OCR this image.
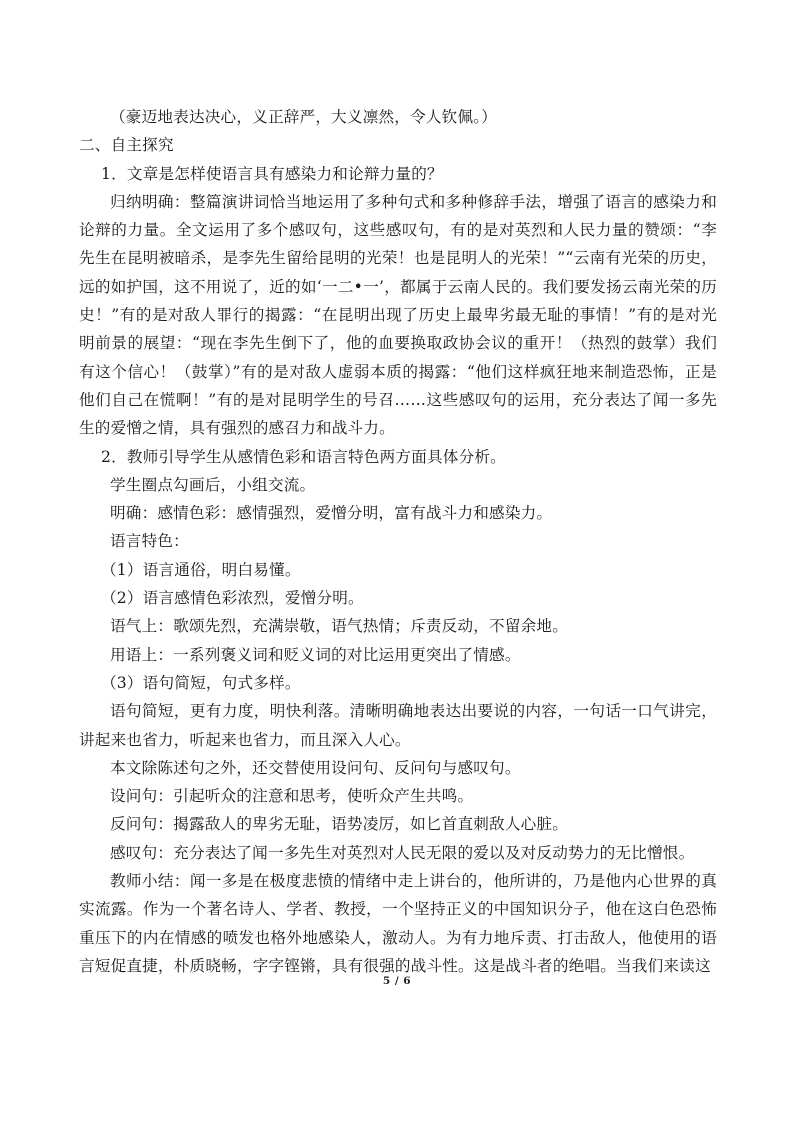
（豪迈地表达决心，义正辞严，大义凛然，令人钦佩。）

二、自主探究

1．文章是怎样使语言具有感染力和论辩力量的？

归纳明确：整篇演讲词恰当地运用了多种句式和多种修辞手法，增强了语言的感染力和论辩的力量。全文运用了多个感叹句，这些感叹句，有的是对英烈和人民力量的赞颂：“李先生在昆明被暗杀，是李先生留给昆明的光荣！也是昆明人的光荣！”“云南有光荣的历史，远的如护国，这不用说了，近的如‘一二•一’，都属于云南人民的。我们要发扬云南光荣的历史！”有的是对敌人罪行的揭露：“在昆明出现了历史上最卑劣最无耻的事情！”有的是对光明前景的展望：“现在李先生倒下了，他的血要换取政协会议的重开！（热烈的鼓掌）我们有这个信心！（鼓掌）”有的是对敌人虚弱本质的揭露：“他们这样疯狂地来制造恐怖，正是他们自己在慌啊！”有的是对昆明学生的号召……这些感叹句的运用，充分表达了闻一多先生的爱憎之情，具有强烈的感召力和战斗力。

2．教师引导学生从感情色彩和语言特色两方面具体分析。

学生圈点勾画后，小组交流。

明确：感情色彩：感情强烈，爱憎分明，富有战斗力和感染力。

语言特色：

（1）语言通俗，明白易懂。

（2）语言感情色彩浓烈，爱憎分明。

语气上：歌颂先烈，充满崇敬，语气热情；斥责反动，不留余地。

用语上：一系列褒义词和贬义词的对比运用更突出了情感。

（3）语句简短，句式多样。

语句简短，更有力度，明快利落。清晰明确地表达出要说的内容，一句话一口气讲完，讲起来也省力，听起来也省力，而且深入人心。

本文除陈述句之外，还交替使用设问句、反问句与感叹句。

设问句：引起听众的注意和思考，使听众产生共鸣。

反问句：揭露敌人的卑劣无耻，语势凌厉，如匕首直刺敌人心脏。

感叹句：充分表达了闻一多先生对英烈对人民无限的爱以及对反动势力的无比憎恨。

教师小结：闻一多是在极度悲愤的情绪中走上讲台的，他所讲的，乃是他内心世界的真实流露。作为一个著名诗人、学者、教授，一个坚持正义的中国知识分子，他在这白色恐怖重压下的内在情感的喷发也格外地感染人，激动人。为有力地斥责、打击敌人，他使用的语言短促直捷，朴质晓畅，字字铿锵，具有很强的战斗性。这是战斗者的绝唱。当我们来读这

5 / 6
